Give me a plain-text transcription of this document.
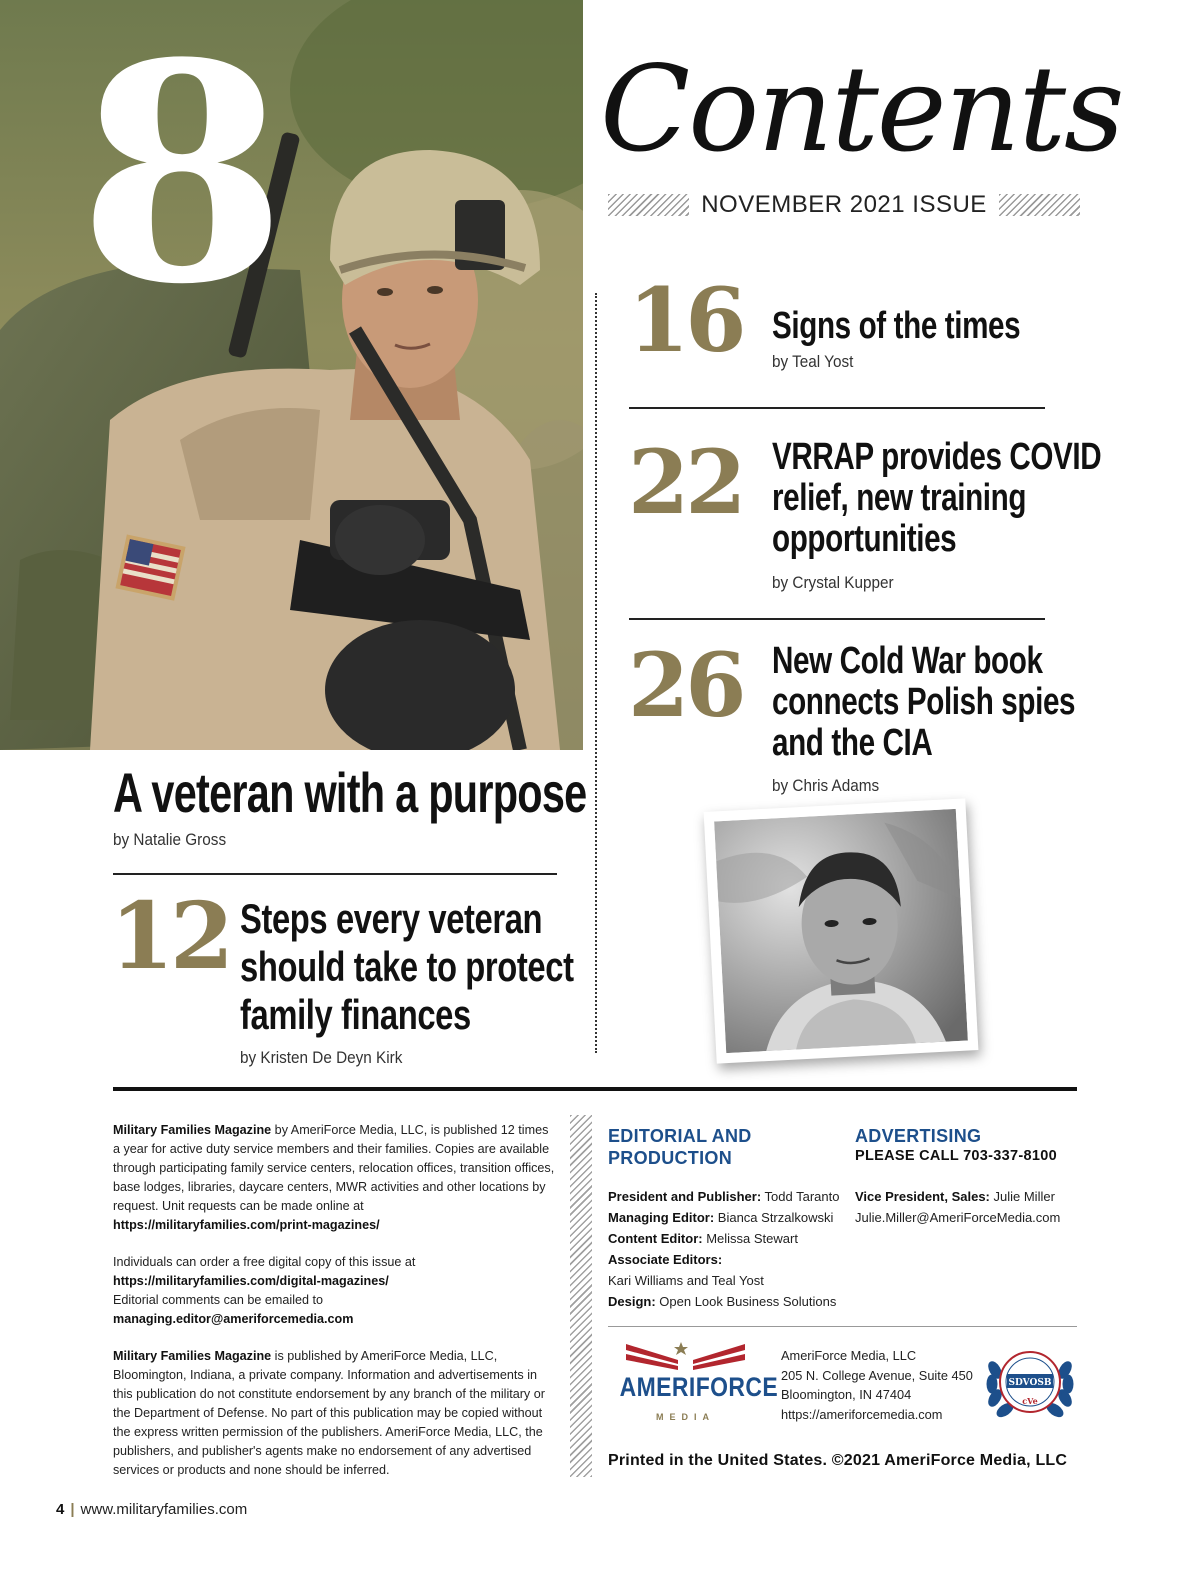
8	Contents
NOVEMBER 2021 ISSUE
16 Signs of the times
by Teal Yost
22 VRRAP provides COVID
relief, new training
opportunities
by Crystal Kupper
26 New Cold War book
connects Polish spies
and the CIA
by Chris Adams
A veteran with a purpose
by Natalie Gross
12 Steps every veteran
should take to protect
family finances
by Kristen De Deyn Kirk
Military Families Magazine by AmeriForce Media, LLC, is published 12 times a year for active duty service members and their families. Copies are available through participating family service centers, relocation offices, transition offices, base lodges, libraries, daycare centers, MWR activities and other locations by request. Unit requests can be made online at https://militaryfamilies.com/print-magazines/
Individuals can order a free digital copy of this issue at
https://militaryfamilies.com/digital-magazines/
Editorial comments can be emailed to
managing.editor@ameriforcemedia.com
Military Families Magazine is published by AmeriForce Media, LLC, Bloomington, Indiana, a private company. Information and advertisements in this publication do not constitute endorsement by any branch of the military or the Department of Defense. No part of this publication may be copied without the express written permission of the publishers. AmeriForce Media, LLC, the publishers, and publisher's agents make no endorsement of any advertised services or products and none should be inferred.
EDITORIAL AND
PRODUCTION
President and Publisher: Todd Taranto
Managing Editor: Bianca Strzalkowski
Content Editor: Melissa Stewart
Associate Editors:
Kari Williams and Teal Yost
Design: Open Look Business Solutions
ADVERTISING
PLEASE CALL 703-337-8100
Vice President, Sales: Julie Miller
Julie.Miller@AmeriForceMedia.com
AMERIFORCE
MEDIA
AmeriForce Media, LLC
205 N. College Avenue, Suite 450
Bloomington, IN 47404
https://ameriforcemedia.com
SDVOSB
cVe
Printed in the United States. ©2021 AmeriForce Media, LLC
4 | www.militaryfamilies.com
